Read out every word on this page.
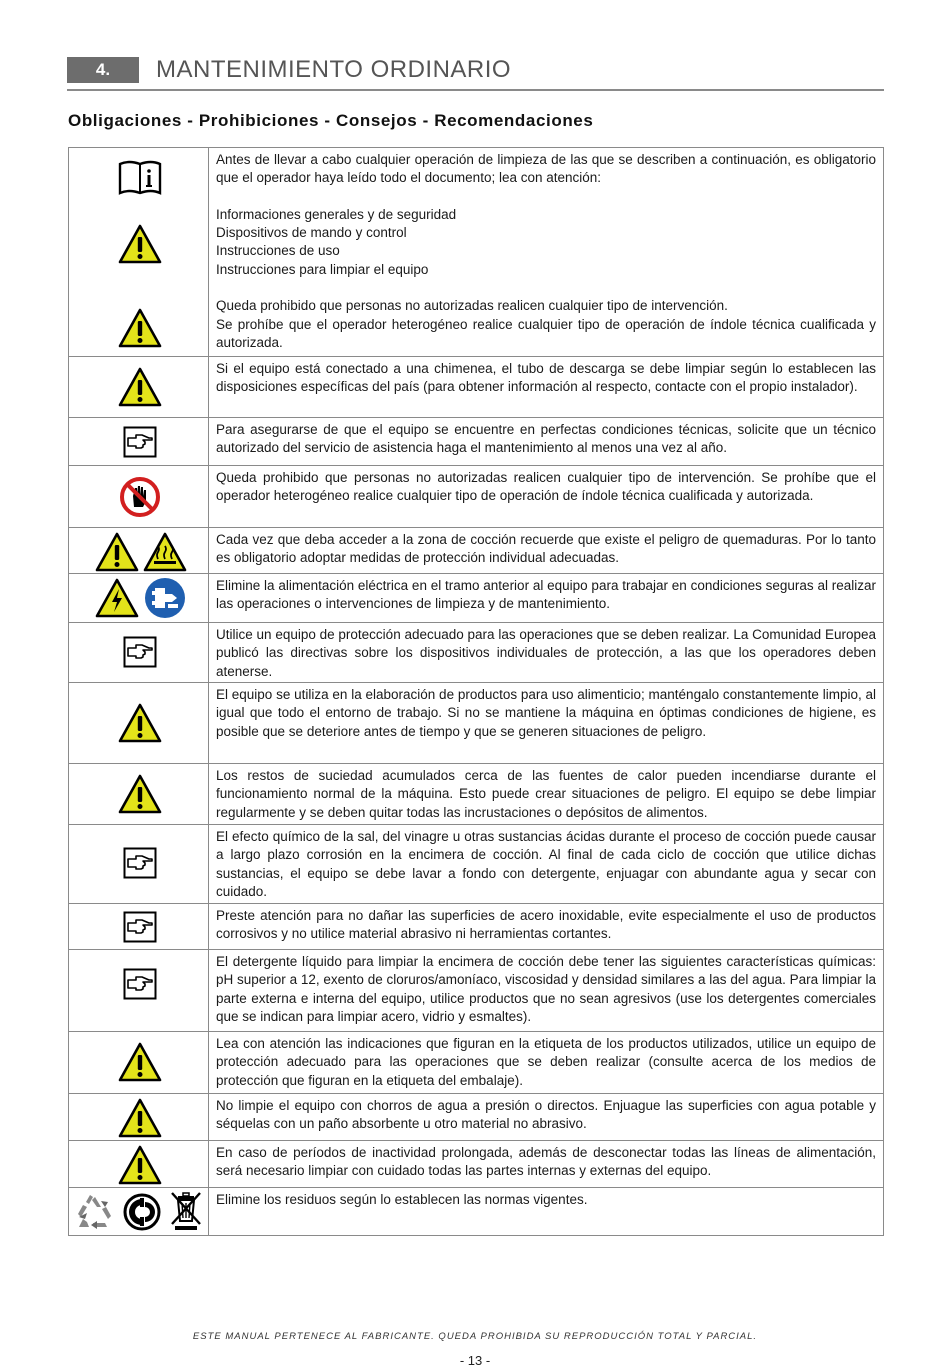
4.	MANTENIMIENTO ORDINARIO
Obligaciones - Prohibiciones - Consejos - Recomendaciones
Antes de llevar a cabo cualquier operación de limpieza de las que se describen a continuación, es obligatorio que el operador haya leído todo el documento; lea con atención:
Informaciones generales y de seguridad
Dispositivos de mando y control
Instrucciones de uso
Instrucciones para limpiar el equipo
Queda prohibido que personas no autorizadas realicen cualquier tipo de intervención.
Se prohíbe que el operador heterogéneo realice cualquier tipo de operación de índole técnica cualificada y autorizada.
Si el equipo está conectado a una chimenea, el tubo de descarga se debe limpiar según lo establecen las disposiciones específicas del país (para obtener información al respecto, contacte con el propio instalador).
Para asegurarse de que el equipo se encuentre en perfectas condiciones técnicas, solicite que un técnico autorizado del servicio de asistencia haga el mantenimiento al menos una vez al año.
Queda prohibido que personas no autorizadas realicen cualquier tipo de intervención. Se prohíbe que el operador heterogéneo realice cualquier tipo de operación de índole técnica cualificada y autorizada.
Cada vez que deba acceder a la zona de cocción recuerde que existe el peligro de quemaduras. Por lo tanto es obligatorio adoptar medidas de protección individual adecuadas.
Elimine la alimentación eléctrica en el tramo anterior al equipo para trabajar en condiciones seguras al realizar las operaciones o intervenciones de limpieza y de mantenimiento.
Utilice un equipo de protección adecuado para las operaciones que se deben realizar. La Comunidad Europea publicó las directivas sobre los dispositivos individuales de protección, a las que los operadores deben atenerse.
El equipo se utiliza en la elaboración de productos para uso alimenticio; manténgalo constantemente limpio, al igual que todo el entorno de trabajo. Si no se mantiene la máquina en óptimas condiciones de higiene, es posible que se deteriore antes de tiempo y que se generen situaciones de peligro.
Los restos de suciedad acumulados cerca de las fuentes de calor pueden incendiarse durante el funcionamiento normal de la máquina. Esto puede crear situaciones de peligro. El equipo se debe limpiar regularmente y se deben quitar todas las incrustaciones o depósitos de alimentos.
El efecto químico de la sal, del vinagre u otras sustancias ácidas durante el proceso de cocción puede causar a largo plazo corrosión en la encimera de cocción. Al final de cada ciclo de cocción que utilice dichas sustancias, el equipo se debe lavar a fondo con detergente, enjuagar con abundante agua y secar con cuidado.
Preste atención para no dañar las superficies de acero inoxidable, evite especialmente el uso de productos corrosivos y no utilice material abrasivo ni herramientas cortantes.
El detergente líquido para limpiar la encimera de cocción debe tener las siguientes características químicas: pH superior a 12, exento de cloruros/amoníaco, viscosidad y densidad similares a las del agua. Para limpiar la parte externa e interna del equipo, utilice productos que no sean agresivos (use los detergentes comerciales que se indican para limpiar acero, vidrio y esmaltes).
Lea con atención las indicaciones que figuran en la etiqueta de los productos utilizados, utilice un equipo de protección adecuado para las operaciones que se deben realizar (consulte acerca de los medios de protección que figuran en la etiqueta del embalaje).
No limpie el equipo con chorros de agua a presión o directos. Enjuague las superficies con agua potable y séquelas con un paño absorbente u otro material no abrasivo.
En caso de períodos de inactividad prolongada, además de desconectar todas las líneas de alimentación, será necesario limpiar con cuidado todas las partes internas y externas del equipo.
Elimine los residuos según lo establecen las normas vigentes.
ESTE MANUAL PERTENECE AL FABRICANTE. QUEDA PROHIBIDA SU REPRODUCCIÓN TOTAL Y PARCIAL.
- 13 -
